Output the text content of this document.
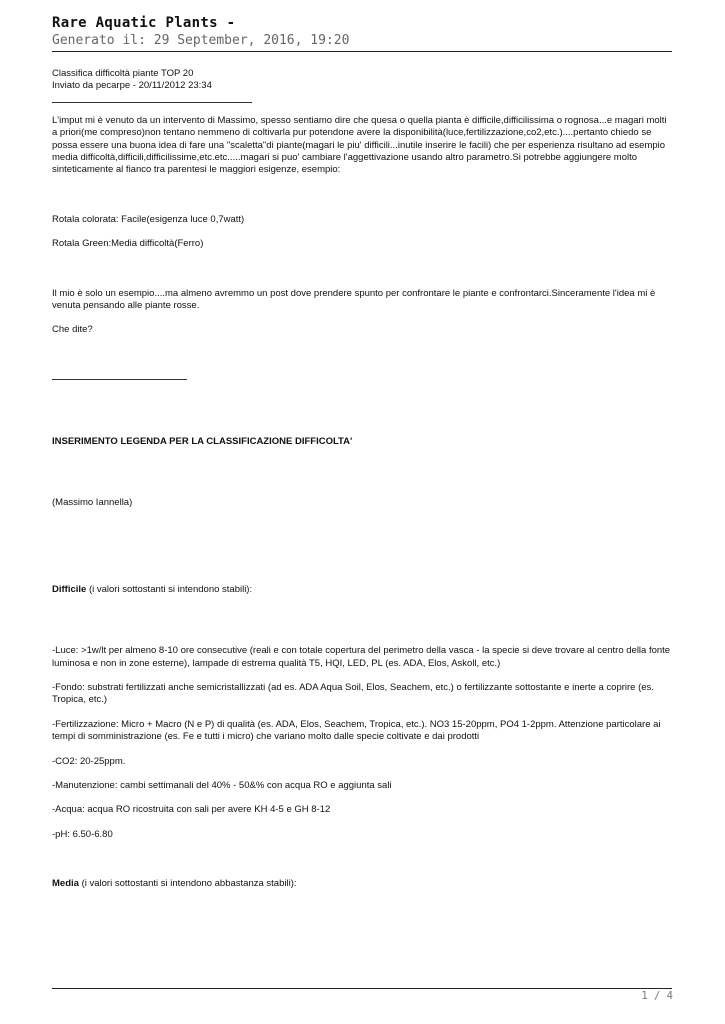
Rare Aquatic Plants -
Generato il: 29 September, 2016, 19:20

Classifica difficoltà piante TOP 20

Inviato da pecarpe - 20/11/2012 23:34

L'imput mi è venuto da un intervento di Massimo, spesso sentiamo dire che quesa o quella pianta è difficile,difficilissima o rognosa...e magari molti a priori(me compreso)non tentano nemmeno di coltivarla pur potendone avere la disponibilità(luce,fertilizzazione,co2,etc.)....pertanto chiedo se possa essere una buona idea di fare una "scaletta"di piante(magari le piu' difficili...inutile inserire le facili) che per esperienza risultano ad esempio media difficoltà,difficili,difficilissime,etc.etc.....magari si puo' cambiare l'aggettivazione usando altro parametro.Si potrebbe aggiungere molto sinteticamente al fianco tra parentesi le maggiori esigenze, esempio:

Rotala colorata: Facile(esigenza luce 0,7watt)

Rotala Green:Media difficoltà(Ferro)

Il mio è solo un esempio....ma almeno avremmo un post dove prendere spunto per confrontare le piante e confrontarci.Sinceramente l'idea mi è venuta pensando alle piante rosse.

Che dite?

INSERIMENTO LEGENDA PER LA CLASSIFICAZIONE DIFFICOLTA'

(Massimo Iannella)

Difficile (i valori sottostanti si intendono stabili):

-Luce: >1w/lt per almeno 8-10 ore consecutive (reali e con totale copertura del perimetro della vasca - la specie si deve trovare al centro della fonte luminosa e non in zone esterne), lampade di estrema qualità T5, HQI, LED, PL (es. ADA, Elos, Askoll, etc.)

-Fondo: substrati fertilizzati anche semicristallizzati (ad es. ADA Aqua Soil, Elos, Seachem, etc.) o fertilizzante sottostante e inerte a coprire (es. Tropica, etc.)

-Fertilizzazione: Micro + Macro (N e P) di qualità (es. ADA, Elos, Seachem, Tropica, etc.). NO3 15-20ppm, PO4 1-2ppm. Attenzione particolare ai tempi di somministrazione (es. Fe e tutti i micro) che variano molto dalle specie coltivate e dai prodotti

-CO2: 20-25ppm.

-Manutenzione: cambi settimanali del 40% - 50&% con acqua RO e aggiunta sali

-Acqua: acqua RO ricostruita con sali per avere KH 4-5 e GH 8-12

-pH: 6.50-6.80

Media (i valori sottostanti si intendono abbastanza stabili):

1 / 4
